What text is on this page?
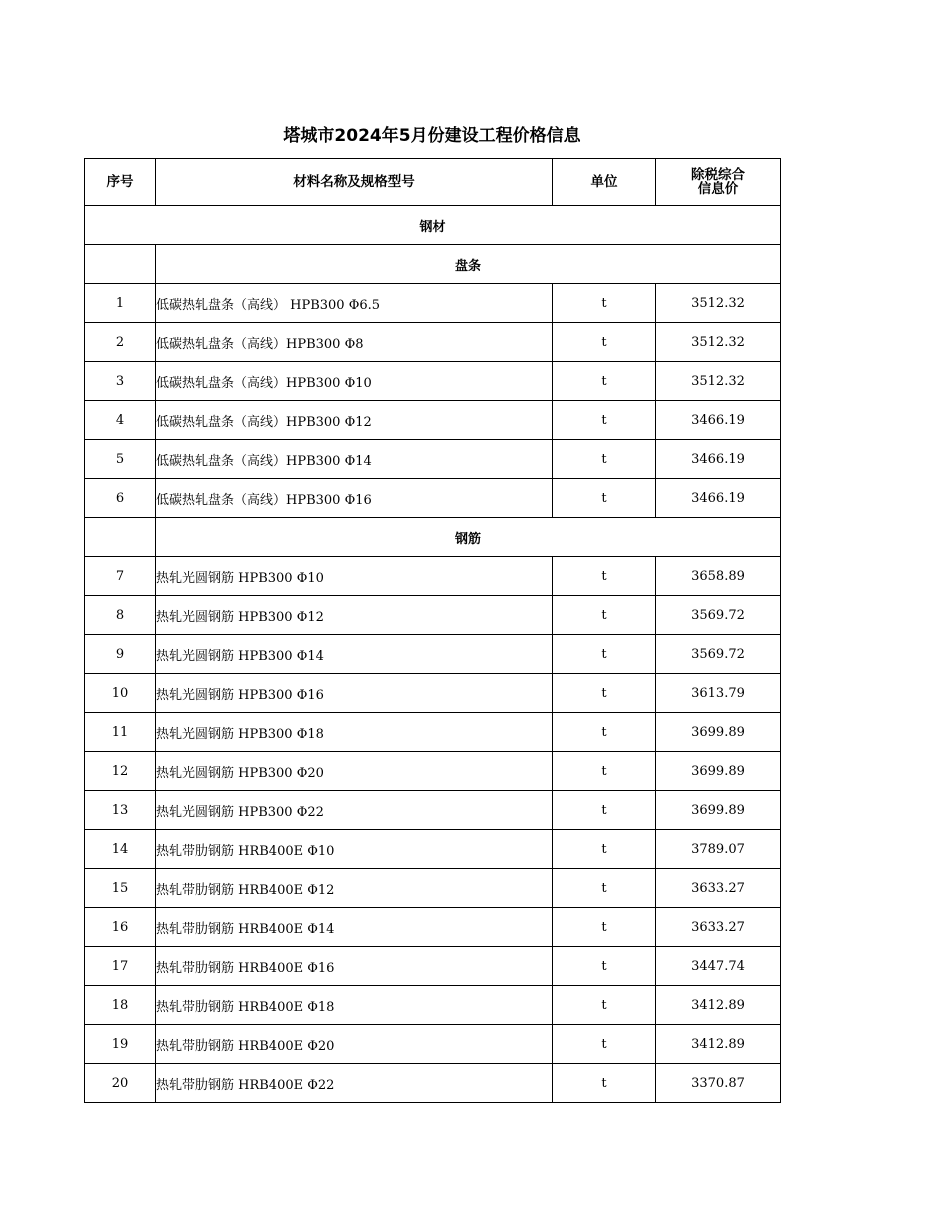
塔城市2024年5月份建设工程价格信息
序号	材料名称及规格型号	单位	除税综合
信息价

钢材			
	盘条		
1	低碳热轧盘条（高线） HPB300 Φ6.5	t	3512.32
2	低碳热轧盘条（高线）HPB300 Φ8	t	3512.32
3	低碳热轧盘条（高线）HPB300 Φ10	t	3512.32
4	低碳热轧盘条（高线）HPB300 Φ12	t	3466.19
5	低碳热轧盘条（高线）HPB300 Φ14	t	3466.19
6	低碳热轧盘条（高线）HPB300 Φ16	t	3466.19
	钢筋		
7	热轧光圆钢筋 HPB300 Φ10	t	3658.89
8	热轧光圆钢筋 HPB300 Φ12	t	3569.72
9	热轧光圆钢筋 HPB300 Φ14	t	3569.72
10	热轧光圆钢筋 HPB300 Φ16	t	3613.79
11	热轧光圆钢筋 HPB300 Φ18	t	3699.89
12	热轧光圆钢筋 HPB300 Φ20	t	3699.89
13	热轧光圆钢筋 HPB300 Φ22	t	3699.89
14	热轧带肋钢筋 HRB400E Φ10	t	3789.07
15	热轧带肋钢筋 HRB400E Φ12	t	3633.27
16	热轧带肋钢筋 HRB400E Φ14	t	3633.27
17	热轧带肋钢筋 HRB400E Φ16	t	3447.74
18	热轧带肋钢筋 HRB400E Φ18	t	3412.89
19	热轧带肋钢筋 HRB400E Φ20	t	3412.89
20	热轧带肋钢筋 HRB400E Φ22	t	3370.87
